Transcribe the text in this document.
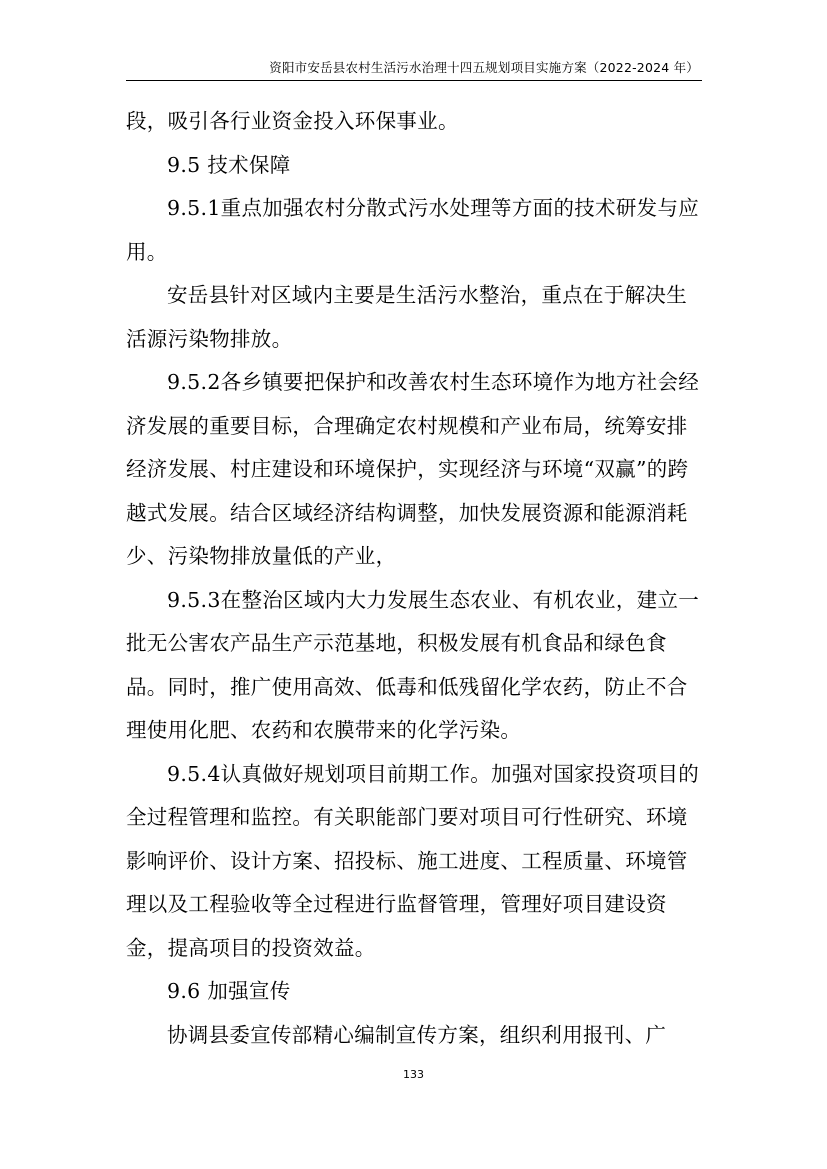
资阳市安岳县农村生活污水治理十四五规划项目实施方案（2022-2024 年）

段，吸引各行业资金投入环保事业。

9.5 技术保障

9.5.1重点加强农村分散式污水处理等方面的技术研发与应用。

安岳县针对区域内主要是生活污水整治，重点在于解决生活源污染物排放。

9.5.2各乡镇要把保护和改善农村生态环境作为地方社会经济发展的重要目标，合理确定农村规模和产业布局，统筹安排经济发展、村庄建设和环境保护，实现经济与环境“双赢”的跨越式发展。结合区域经济结构调整，加快发展资源和能源消耗少、污染物排放量低的产业，

9.5.3在整治区域内大力发展生态农业、有机农业，建立一批无公害农产品生产示范基地，积极发展有机食品和绿色食品。同时，推广使用高效、低毒和低残留化学农药，防止不合理使用化肥、农药和农膜带来的化学污染。

9.5.4认真做好规划项目前期工作。加强对国家投资项目的全过程管理和监控。有关职能部门要对项目可行性研究、环境影响评价、设计方案、招投标、施工进度、工程质量、环境管理以及工程验收等全过程进行监督管理，管理好项目建设资金，提高项目的投资效益。

9.6 加强宣传

协调县委宣传部精心编制宣传方案，组织利用报刊、广

133
